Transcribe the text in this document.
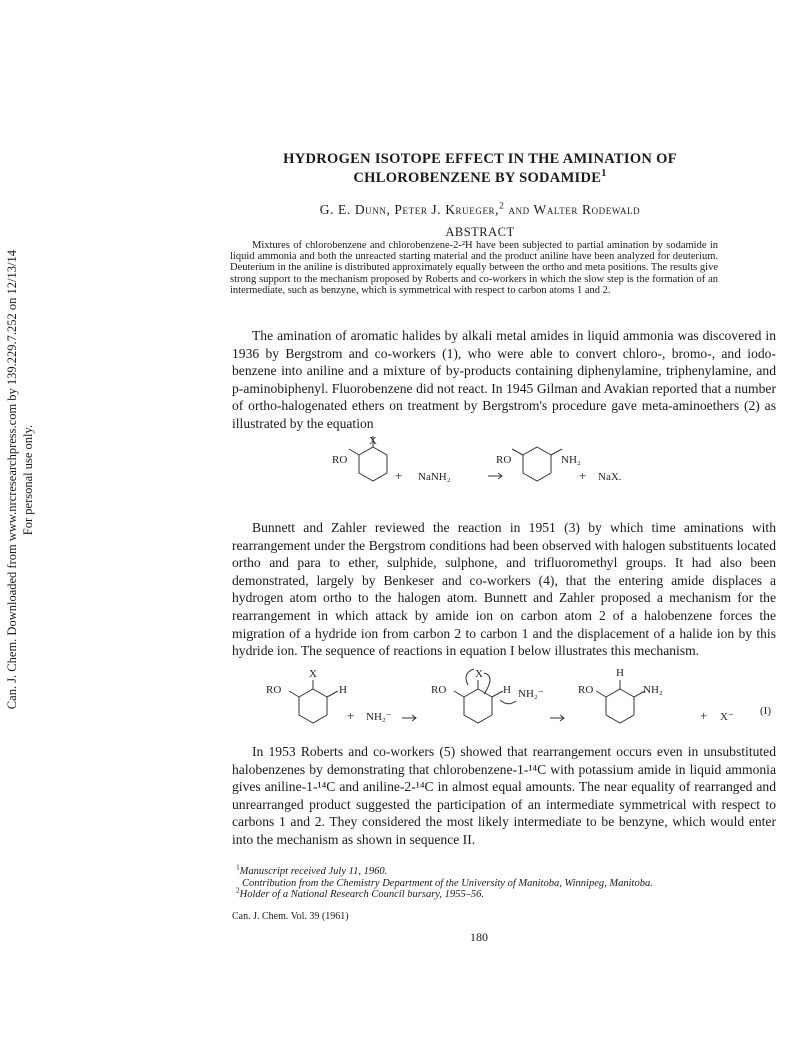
Can. J. Chem. Downloaded from www.nrcresearchpress.com by 139.229.7.252 on 12/13/14 For personal use only.
HYDROGEN ISOTOPE EFFECT IN THE AMINATION OF
CHLOROBENZENE BY SODAMIDE$^1$
G. E. Dunn, Peter J. Krueger,$^2$ and Walter Rodewald
ABSTRACT
Mixtures of chlorobenzene and chlorobenzene-2-²H have been subjected to partial amination by sodamide in liquid ammonia and both the unreacted starting material and the product aniline have been analyzed for deuterium. Deuterium in the aniline is distributed approximately equally between the ortho and meta positions. The results give strong support to the mechanism proposed by Roberts and co-workers in which the slow step is the formation of an intermediate, such as benzyne, which is symmetrical with respect to carbon atoms 1 and 2.
The amination of aromatic halides by alkali metal amides in liquid ammonia was discovered in 1936 by Bergstrom and co-workers (1), who were able to convert chloro-, bromo-, and iodo-benzene into aniline and a mixture of by-products containing diphenylamine, triphenylamine, and p-aminobiphenyl. Fluorobenzene did not react. In 1945 Gilman and Avakian reported that a number of ortho-halogenated ethers on treatment by Bergstrom's procedure gave meta-aminoethers (2) as illustrated by the equation
X
RO
+ NaNH₂
RO	NH₂
+ NaX.
Bunnett and Zahler reviewed the reaction in 1951 (3) by which time aminations with rearrangement under the Bergstrom conditions had been observed with halogen substituents located ortho and para to ether, sulphide, sulphone, and trifluoromethyl groups. It had also been demonstrated, largely by Benkeser and co-workers (4), that the entering amide displaces a hydrogen atom ortho to the halogen atom. Bunnett and Zahler proposed a mechanism for the rearrangement in which attack by amide ion on carbon atom 2 of a halobenzene forces the migration of a hydride ion from carbon 2 to carbon 1 and the displacement of a halide ion by this hydride ion. The sequence of reactions in equation I below illustrates this mechanism.
X
RO	H
+ NH₂⁻
X
RO	H NH₂⁻
H
RO	NH₂
+ X⁻ (I)
In 1953 Roberts and co-workers (5) showed that rearrangement occurs even in unsubstituted halobenzenes by demonstrating that chlorobenzene-1-¹⁴C with potassium amide in liquid ammonia gives aniline-1-¹⁴C and aniline-2-¹⁴C in almost equal amounts. The near equality of rearranged and unrearranged product suggested the participation of an intermediate symmetrical with respect to carbons 1 and 2. They considered the most likely intermediate to be benzyne, which would enter into the mechanism as shown in sequence II.
$^1$Manuscript received July 11, 1960.
Contribution from the Chemistry Department of the University of Manitoba, Winnipeg, Manitoba.
$^2$Holder of a National Research Council bursary, 1955–56.
Can. J. Chem. Vol. 39 (1961)
180
